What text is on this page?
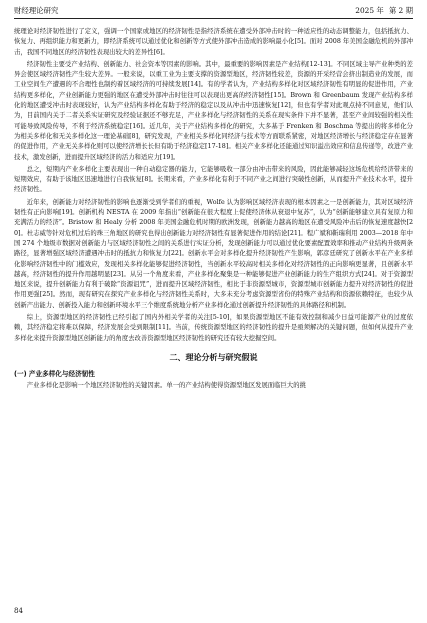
财经理论研究	2025 年 第 2 期

统理论对经济韧性进行了定义，强调一个国家或地区的经济韧性是指经济系统在遭受外部冲击时的一种适应性的动态调整能力，包括抵抗力、恢复力、再组织能力和更新力，即经济系统可以通过优化和创新等方式使外部冲击造成的影响最小化[5]。面对 2008 年美国金融危机的外部冲击，我国不同地区的经济韧性表现出较大的差异性[6]。

经济韧性主要受产业结构、创新能力、社会资本等因素的影响。其中，最重要的影响因素是产业结构[12-13]。不同区域主导产业种类的差异会使区域经济韧性产生较大差异。一般来说，以重工业为主要支撑的资源型地区，经济韧性较差，资源的开采经营会挤出制造业的发展，而工业空间生产遭遇的不合理性也制约着区域经济的可持续发展[14]。有的学者认为，产业结构多样化对区域经济韧性有明显的促进作用，产业结构更多样化，产业创新能力更强的地区在遭受外部冲击时往往可以表现出更高的经济韧性[15]。Brown 和 Greenbaum 发现产业结构多样化的地区遭受冲击时表现较好，认为产业结构多样化有助于经济的稳定以及从冲击中迅速恢复[12]，但也有学者对此观点持不同意见，他们认为，目前国内关于二者关系实证研究及经验证据还不够充足，产业多样化与经济韧性的关系在现实条件下并不显著，甚至产业间较强的相关性可能导致风险传导，不利于经济系统稳定[16]。近几年，关于产业结构多样化的研究，大多基于 Frenken 和 Boschma 等提出的将多样化分为相关多样化和无关多样化这一理论基础[8]，研究发现，产业相关多样化同经济与技术等方面联系紧密，对地区经济增长与经济稳定存在显著的促进作用，产业无关多样化则可以使经济增长长但有助于经济稳定[17-18]。相关产业多样化还能通过知识溢出效应和信息传递等，改进产业技术，激发创新，进而提升区域经济的活力和适应力[19]。

总之，短期内产业多样化主要表现出一种自动稳定器的能力，它能够吸收一部分由冲击带来的风险，因此能够减轻这场危机给经济带来的短期效应，有助于该地区迅速地进行自我恢复[8]。长期来看，产业多样化有利于不同产业之间进行突破性创新，从而提升产业技术水平，提升经济韧性。

近年来，创新能力对经济韧性的影响也逐渐受到学者们的重视，Wolfe 认为影响区域经济表现的根本因素之一是创新能力，其对区域经济韧性有正向影响[19]。创新机构 NESTA 在 2009 年指出“创新能在很大程度上促使经济体从衰退中复苏”，认为“创新能够建立具有复原力和充满活力的经济”。Bristow 和 Healy 分析 2008 年美国金融危机时期的欧洲发现，创新能力越高的地区在遭受风险冲击后的恢复速度越快[20]。杜志威等针对危机过后的珠三角地区的研究也得出创新能力对经济韧性有显著促进作用的结论[21]。程广斌和靳瑞利用 2003—2018 年中国 274 个地级市数据对创新能力与区域经济韧性之间的关系进行实证分析，发现创新能力可以通过优化要素配置效率和推动产业结构升级两条路径，显著增强区域经济遭遇冲击时的抵抗力和恢复力[22]。创新水平会对多样化提升经济韧性产生影响，郭彦廷研究了创新水平在产业多样化影响经济韧性中的门槛效应，发现相关多样化能够促进经济韧性，当创新水平较高时相关多样化对经济韧性的正向影响更显著，且创新水平越高，经济韧性的提升作用越明显[23]。从另一个角度来看，产业多样化聚集是一种能够促进产业创新能力的生产组织方式[24]。对于资源型地区来说，提升创新能力有利于破除“资源诅咒”，进而提升区域经济韧性，相比于非资源型城市，资源型城市创新能力提升对经济韧性的促进作用更强[25]。然而，现有研究在探究产业多样化与经济韧性关系时，大多未充分考虑资源型省份的特殊产业结构和资源依赖特征，也较少从创新产出能力、创新投入能力和创新环境水平三个维度系统地分析产业多样化通过创新提升经济韧性的具体路径和机制。

综上，资源型地区的经济韧性已经引起了国内外相关学者的关注[5-10]，如果资源型地区不能有效控制和减少日益可能源产业的过度依赖，其经济稳定将难以保障，经济发展会受到限制[11]。当前，传统资源型地区的经济韧性的提升是亟须解决的关键问题，但如何从提升产业多样化来提升资源型地区创新能力的角度去改善资源型地区经济韧性的研究还有较大挖掘空间。

二、理论分析与研究假说
(一) 产业多样化与经济韧性

产业多样化是影响一个地区经济韧性的关键因素。单一的产业结构使得资源型地区发展面临巨大的挑

84
